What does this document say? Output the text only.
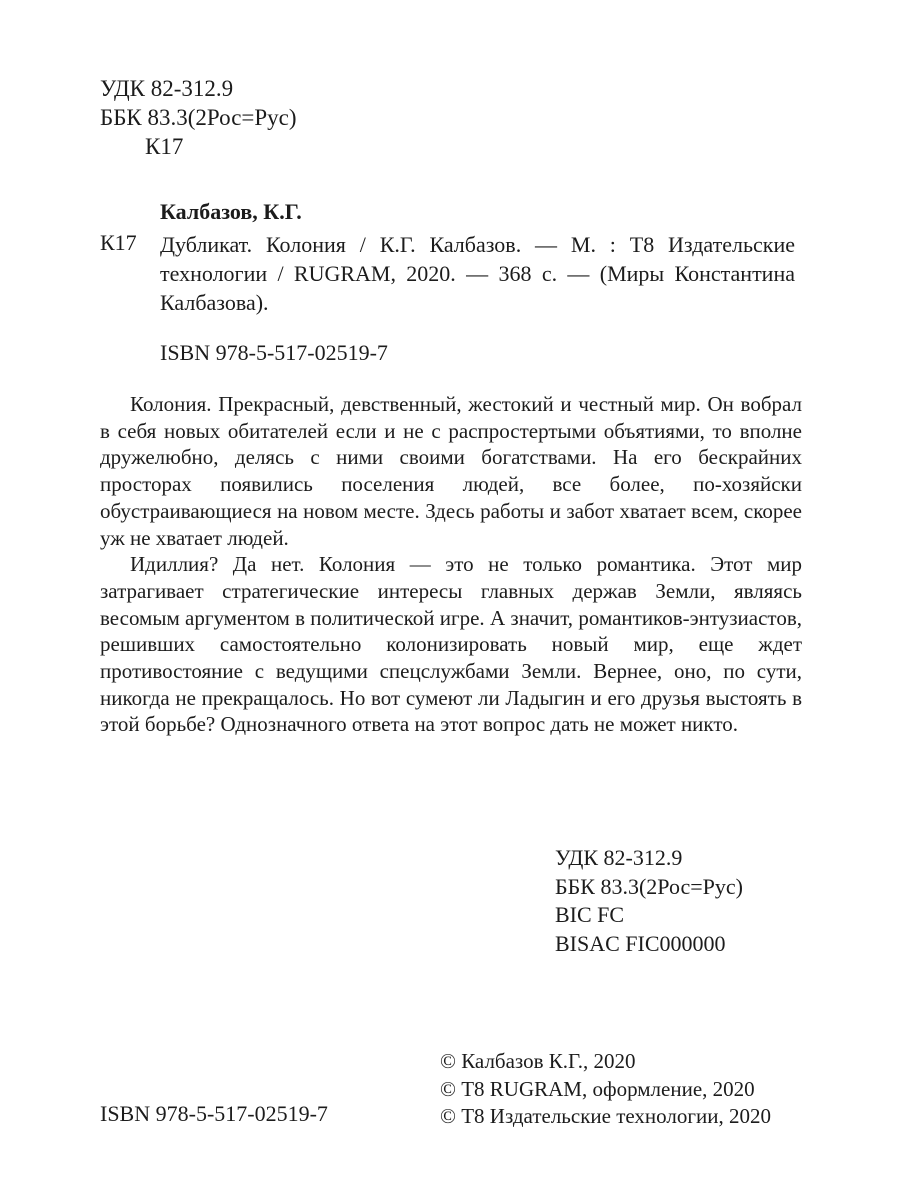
УДК 82-312.9
ББК 83.3(2Рос=Рус)
К17
Калбазов, К.Г.
К17 Дубликат. Колония / К.Г. Калбазов. — М. : Т8 Издательские технологии / RUGRAM, 2020. — 368 с. — (Миры Константина Калбазова).
ISBN 978-5-517-02519-7

Колония. Прекрасный, девственный, жестокий и честный мир. Он вобрал в себя новых обитателей если и не с распростертыми объятиями, то вполне дружелюбно, делясь с ними своими богатствами. На его бескрайних просторах появились поселения людей, все более, по-хозяйски обустраивающиеся на новом месте. Здесь работы и забот хватает всем, скорее уж не хватает людей.

Идиллия? Да нет. Колония — это не только романтика. Этот мир затрагивает стратегические интересы главных держав Земли, являясь весомым аргументом в политической игре. А значит, романтиков-энтузиастов, решивших самостоятельно колонизировать новый мир, еще ждет противостояние с ведущими спецслужбами Земли. Вернее, оно, по сути, никогда не прекращалось. Но вот сумеют ли Ладыгин и его друзья выстоять в этой борьбе? Однозначного ответа на этот вопрос дать не может никто.

УДК 82-312.9
ББК 83.3(2Рос=Рус)
BIC FC
BISAC FIC000000
© Калбазов К.Г., 2020
© Т8 RUGRAM, оформление, 2020
© Т8 Издательские технологии, 2020
ISBN 978-5-517-02519-7
